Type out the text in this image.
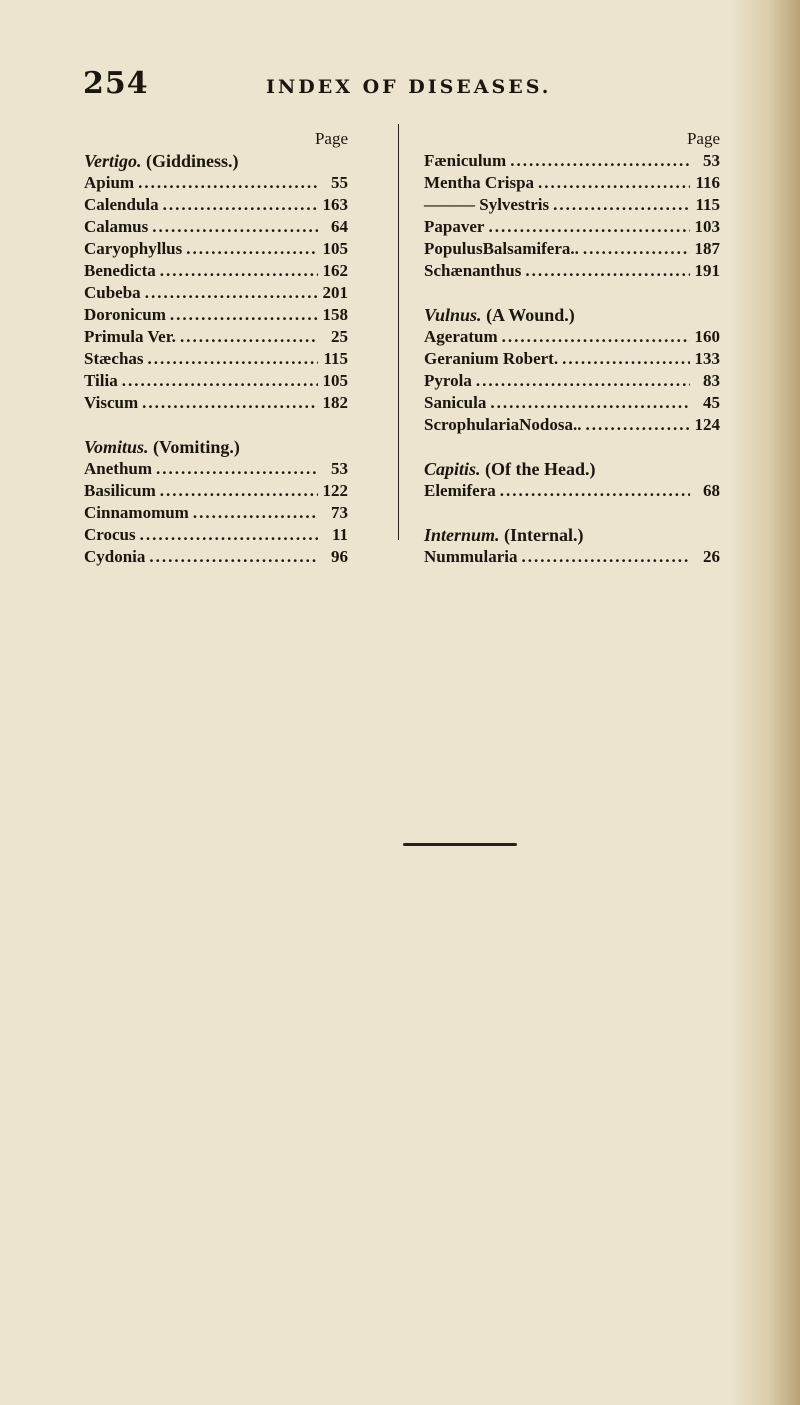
254	INDEX OF DISEASES.
Page
Vertigo. (Giddiness.)
Apium .....	55
Calendula .....	163
Calamus .....	64
Caryophyllus .....	105
Benedicta .....	162
Cubeba .....	201
Doronicum .....	158
Primula Ver. .....	25
Stæchas .....	115
Tilia .....	105
Viscum .....	182
Vomitus. (Vomiting.)
Anethum .....	53
Basilicum .....	122
Cinnamomum .....	73
Crocus .....	11
Cydonia .....	96
Page
Fæniculum .....	53
Mentha Crispa .....	116
——— Sylvestris .....	115
Papaver .....	103
PopulusBalsamifera.. .....	187
Schænanthus .....	191
Vulnus. (A Wound.)
Ageratum .....	160
Geranium Robert. .....	133
Pyrola .....	83
Sanicula .....	45
ScrophulariaNodosa.. .....	124
Capitis. (Of the Head.)
Elemifera .....	68
Internum. (Internal.)
Nummularia .....	26
